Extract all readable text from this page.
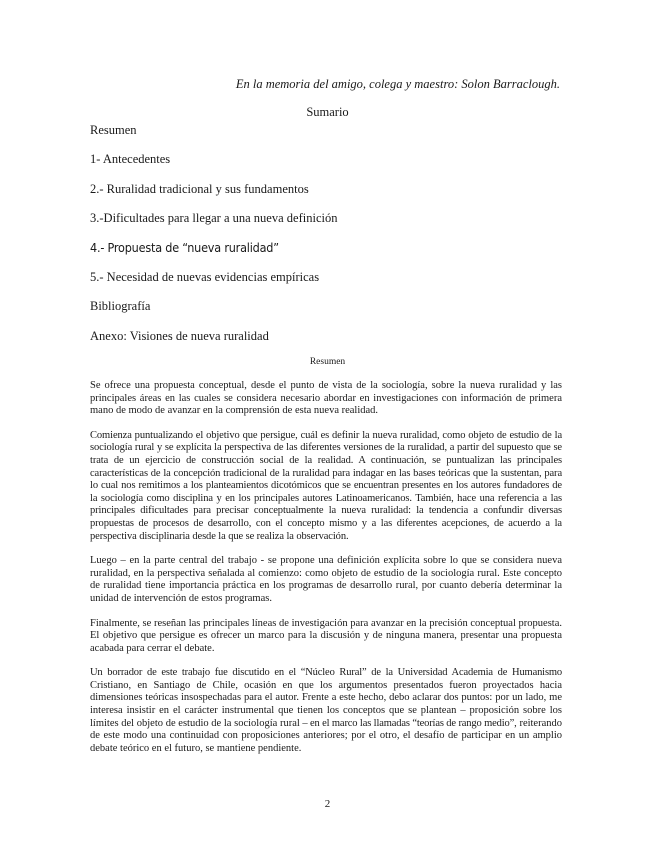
En la memoria del amigo, colega y maestro: Solon Barraclough.
Sumario
Resumen
1- Antecedentes
2.- Ruralidad tradicional y sus fundamentos
3.-Dificultades para llegar a una nueva definición
4.- Propuesta de “nueva ruralidad”
5.- Necesidad de nuevas evidencias empíricas
Bibliografía
Anexo: Visiones de nueva ruralidad
Resumen

Se ofrece una propuesta conceptual, desde el punto de vista de la sociología, sobre la nueva ruralidad y las principales áreas en las cuales se considera necesario abordar en investigaciones con información de primera mano de modo de avanzar en la comprensión de esta nueva realidad.

Comienza puntualizando el objetivo que persigue, cuál es definir la nueva ruralidad, como objeto de estudio de la sociología rural y se explícita la perspectiva de las diferentes versiones de la ruralidad, a partir del supuesto que se trata de un ejercicio de construcción social de la realidad. A continuación, se puntualizan las principales características de la concepción tradicional de la ruralidad para indagar en las bases teóricas que la sustentan, para lo cual nos remitimos a los planteamientos dicotómicos que se encuentran presentes en los autores fundadores de la sociología como disciplina y en los principales autores Latinoamericanos. También, hace una referencia a las principales dificultades para precisar conceptualmente la nueva ruralidad: la tendencia a confundir diversas propuestas de procesos de desarrollo, con el concepto mismo y a las diferentes acepciones, de acuerdo a la perspectiva disciplinaria desde la que se realiza la observación.

Luego – en la parte central del trabajo - se propone una definición explícita sobre lo que se considera nueva ruralidad, en la perspectiva señalada al comienzo: como objeto de estudio de la sociología rural. Este concepto de ruralidad tiene importancia práctica en los programas de desarrollo rural, por cuanto debería determinar la unidad de intervención de estos programas.

Finalmente, se reseñan las principales líneas de investigación para avanzar en la precisión conceptual propuesta. El objetivo que persigue es ofrecer un marco para la discusión y de ninguna manera, presentar una propuesta acabada para cerrar el debate.

Un borrador de este trabajo fue discutido en el “Núcleo Rural” de la Universidad Academia de Humanismo Cristiano, en Santiago de Chile, ocasión en que los argumentos presentados fueron proyectados hacia dimensiones teóricas insospechadas para el autor. Frente a este hecho, debo aclarar dos puntos: por un lado, me interesa insistir en el carácter instrumental que tienen los conceptos que se plantean – proposición sobre los límites del objeto de estudio de la sociología rural – en el marco las llamadas “teorías de rango medio”, reiterando de este modo una continuidad con proposiciones anteriores; por el otro, el desafío de participar en un amplio debate teórico en el futuro, se mantiene pendiente.

2
